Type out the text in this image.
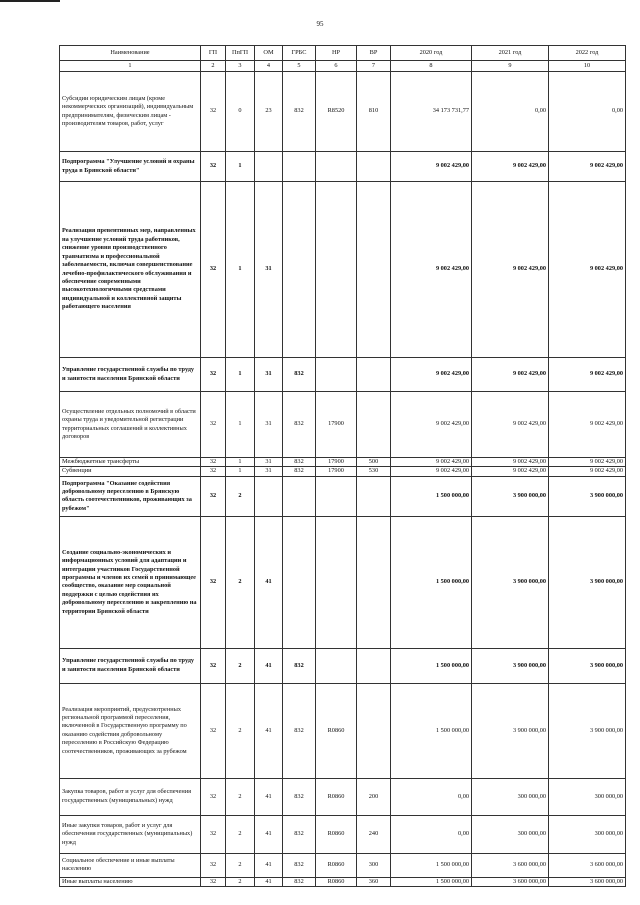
95
Наименование	ГП	ПпГП	ОМ	ГРБС	НР	ВР	2020 год	2021 год	2022 год
1	2	3	4	5	6	7	8	9	10
Субсидии юридическим лицам (кроме некоммерческих организаций), индивидуальным предпринимателям, физическим лицам - производителям товаров, работ, услуг	32	0	23	832	R8520	810	34 173 731,77	0,00	0,00
Подпрограмма "Улучшение условий и охраны труда в Брянской области"	32	1					9 002 429,00	9 002 429,00	9 002 429,00
Реализация превентивных мер, направленных на улучшение условий труда работников, снижение уровня производственного травматизма и профессиональной заболеваемости, включая совершенствование лечебно-профилактического обслуживания и обеспечение современными высокотехнологичными средствами индивидуальной и коллективной защиты работающего населения	32	1	31				9 002 429,00	9 002 429,00	9 002 429,00
Управление государственной службы по труду и занятости населения Брянской области	32	1	31	832			9 002 429,00	9 002 429,00	9 002 429,00
Осуществление отдельных полномочий в области охраны труда и уведомительной регистрации территориальных соглашений и коллективных договоров	32	1	31	832	17900		9 002 429,00	9 002 429,00	9 002 429,00
Межбюджетные трансферты	32	1	31	832	17900	500	9 002 429,00	9 002 429,00	9 002 429,00
Субвенции	32	1	31	832	17900	530	9 002 429,00	9 002 429,00	9 002 429,00
Подпрограмма "Оказание содействия добровольному переселению в Брянскую область соотечественников, проживающих за рубежом"	32	2					1 500 000,00	3 900 000,00	3 900 000,00
Создание социально-экономических и информационных условий для адаптации и интеграции участников Государственной программы и членов их семей в принимающее сообщество, оказание мер социальной поддержки с целью содействия их добровольному переселению и закреплению на территории Брянской области	32	2	41				1 500 000,00	3 900 000,00	3 900 000,00
Управление государственной службы по труду и занятости населения Брянской области	32	2	41	832			1 500 000,00	3 900 000,00	3 900 000,00
Реализация мероприятий, предусмотренных региональной программой переселения, включенной в Государственную программу по оказанию содействия добровольному переселению в Российскую Федерацию соотечественников, проживающих за рубежом	32	2	41	832	R0860		1 500 000,00	3 900 000,00	3 900 000,00
Закупка товаров, работ и услуг для обеспечения государственных (муниципальных) нужд	32	2	41	832	R0860	200	0,00	300 000,00	300 000,00
Иные закупки товаров, работ и услуг для обеспечения государственных (муниципальных) нужд	32	2	41	832	R0860	240	0,00	300 000,00	300 000,00
Социальное обеспечение и иные выплаты населению	32	2	41	832	R0860	300	1 500 000,00	3 600 000,00	3 600 000,00
Иные выплаты населению	32	2	41	832	R0860	360	1 500 000,00	3 600 000,00	3 600 000,00
